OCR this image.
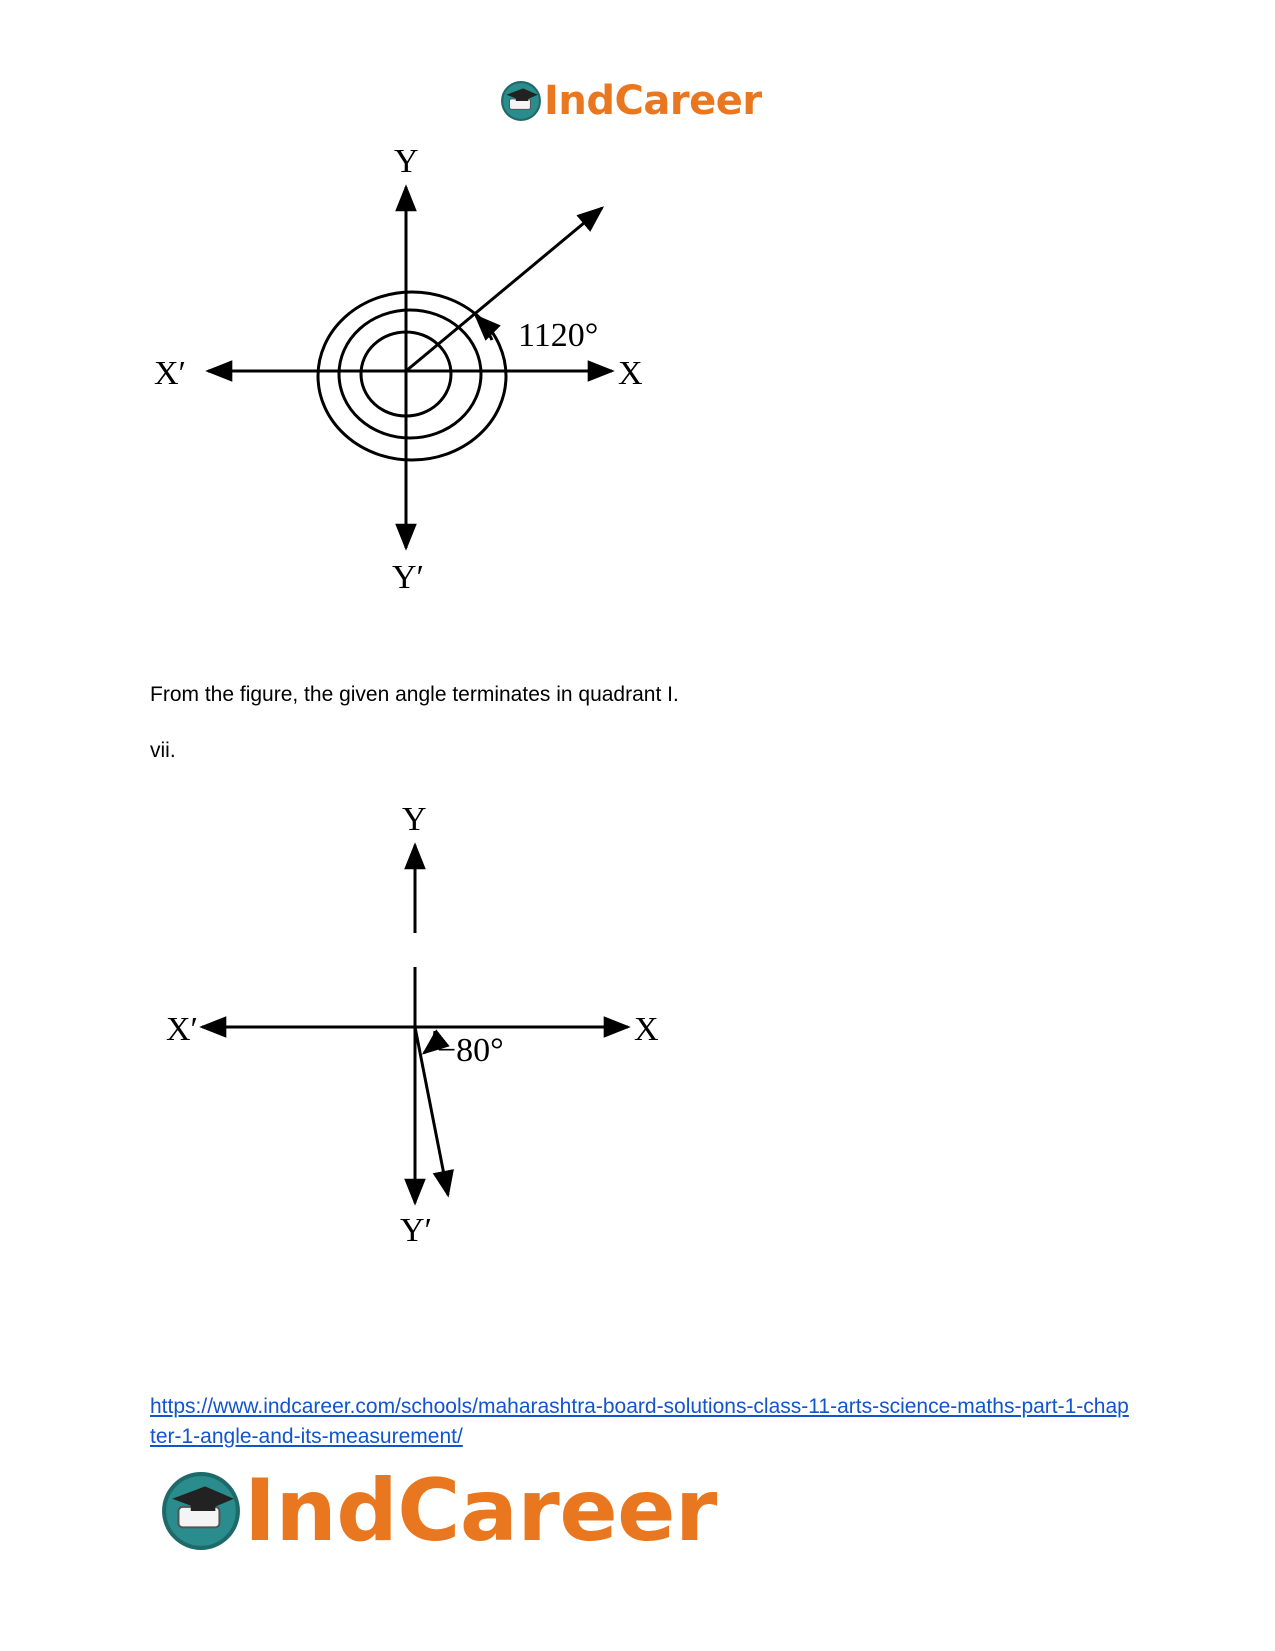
IndCareer
Y
Y′
X
X′
1120°

From the figure, the given angle terminates in quadrant I.

vii.

Y
Y′
X
X′
−80°
https://www.indcareer.com/schools/maharashtra-board-solutions-class-11-arts-science-maths-part-1-chapter-1-angle-and-its-measurement/
IndCareer
